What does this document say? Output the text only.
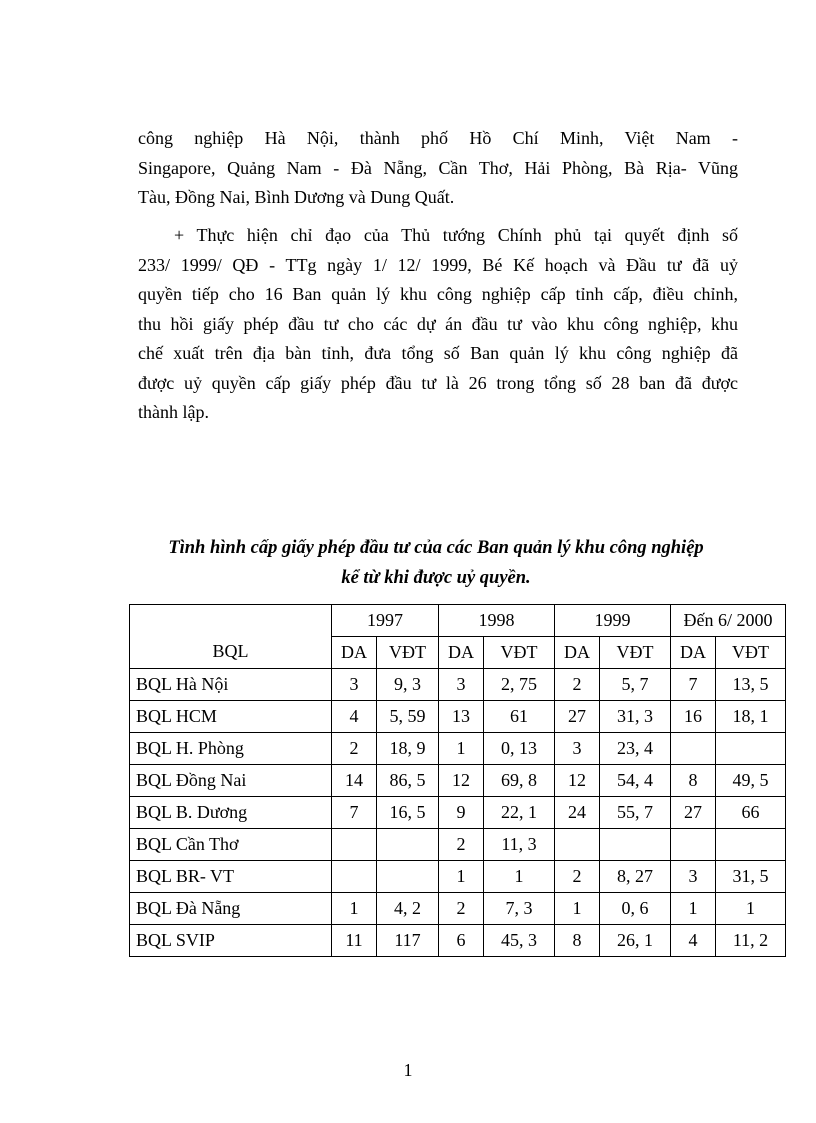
công nghiệp Hà Nội, thành phố Hồ Chí Minh, Việt Nam -
Singapore, Quảng Nam - Đà Nẵng, Cần Thơ, Hải Phòng, Bà Rịa- Vũng
Tàu, Đồng Nai, Bình Dương và Dung Quất.
+ Thực hiện chỉ đạo của Thủ tướng Chính phủ tại quyết định số
233/ 1999/ QĐ - TTg ngày 1/ 12/ 1999, Bé Kế hoạch và Đầu tư đã uỷ
quyền tiếp cho 16 Ban quản lý khu công nghiệp cấp tỉnh cấp, điều chỉnh,
thu hồi giấy phép đầu tư cho các dự án đầu tư vào khu công nghiệp, khu
chế xuất trên địa bàn tỉnh, đưa tổng số Ban quản lý khu công nghiệp đã
được uỷ quyền cấp giấy phép đầu tư là 26 trong tổng số 28 ban đã được
thành lập.
Tình hình cấp giấy phép đầu tư của các Ban quản lý khu công nghiệp
kể từ khi được uỷ quyền.
BQL	1997		1998		1999		Đến 6/ 2000	
	DA	VĐT	DA	VĐT	DA	VĐT	DA	VĐT
BQL Hà Nội	3	9, 3	3	2, 75	2	5, 7	7	13, 5
BQL HCM	4	5, 59	13	61	27	31, 3	16	18, 1
BQL H. Phòng	2	18, 9	1	0, 13	3	23, 4		
BQL Đồng Nai	14	86, 5	12	69, 8	12	54, 4	8	49, 5
BQL B. Dương	7	16, 5	9	22, 1	24	55, 7	27	66
BQL Cần Thơ			2	11, 3				
BQL BR- VT			1	1	2	8, 27	3	31, 5
BQL Đà Nẵng	1	4, 2	2	7, 3	1	0, 6	1	1
BQL SVIP	11	117	6	45, 3	8	26, 1	4	11, 2
1
